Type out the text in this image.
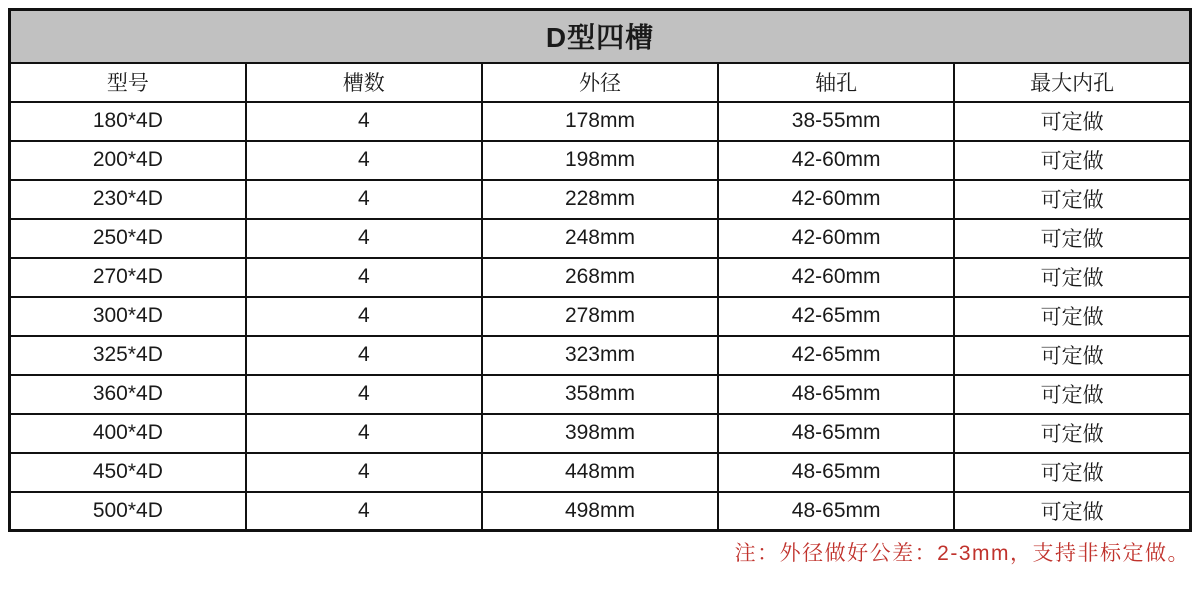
D型四槽				
型号	槽数	外径	轴孔	最大内孔
180*4D	4	178mm	38-55mm	可定做
200*4D	4	198mm	42-60mm	可定做
230*4D	4	228mm	42-60mm	可定做
250*4D	4	248mm	42-60mm	可定做
270*4D	4	268mm	42-60mm	可定做
300*4D	4	278mm	42-65mm	可定做
325*4D	4	323mm	42-65mm	可定做
360*4D	4	358mm	48-65mm	可定做
400*4D	4	398mm	48-65mm	可定做
450*4D	4	448mm	48-65mm	可定做
500*4D	4	498mm	48-65mm	可定做
注：外径做好公差：2-3mm，支持非标定做。
